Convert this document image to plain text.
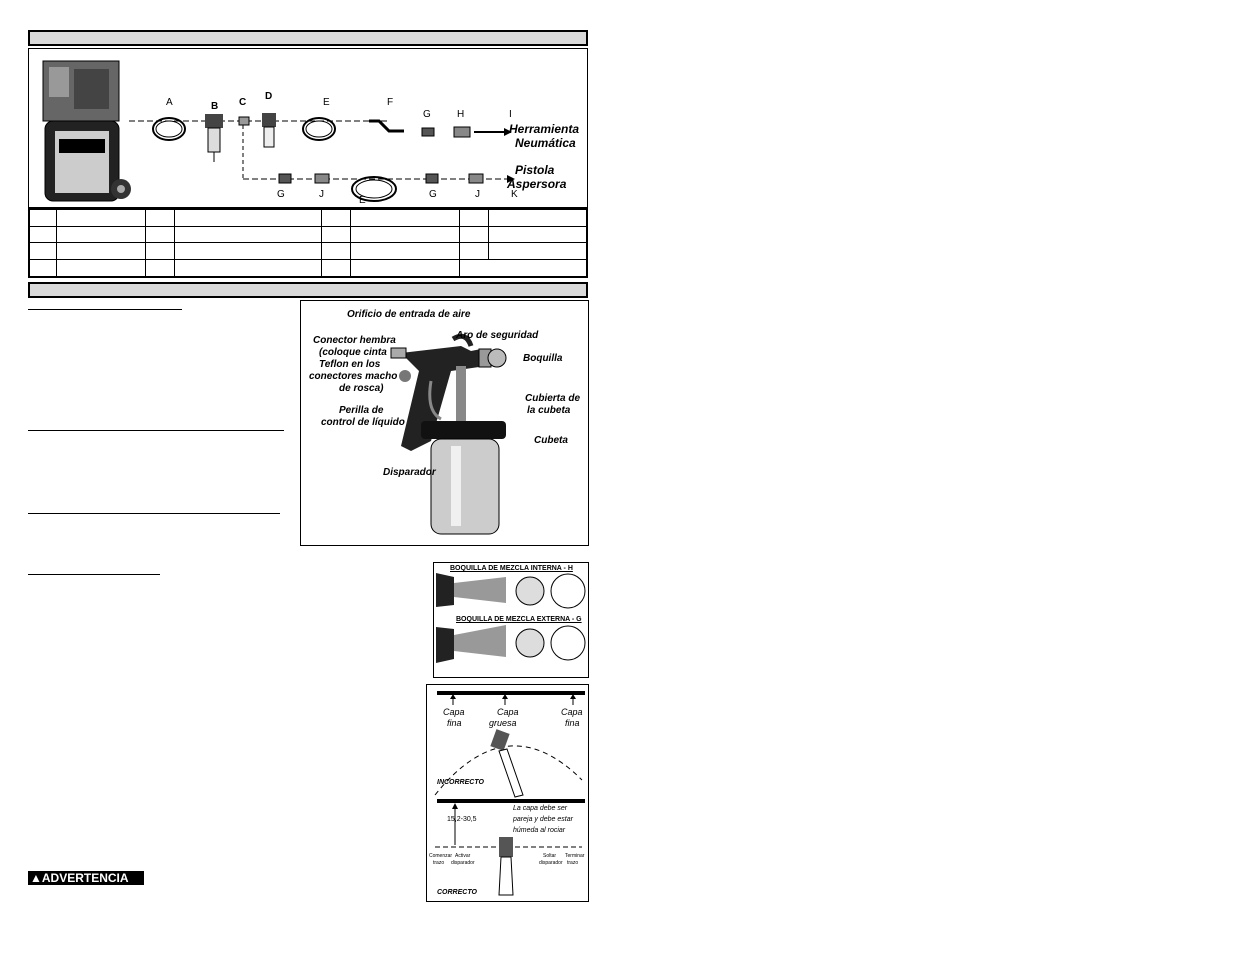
A	B C
D
E	F
G	H	I
Herramienta
Neumática
Pistola
Aspersora
G	J
E
G	J	K

Orificio de entrada de aire
Conector hembra
(coloque cinta
Teflon en los
conectores macho
de rosca)
Aro de seguridad
Boquilla
Perilla de
control de líquido
Cubierta de
la cubeta
Cubeta
Disparador
BOQUILLA DE MEZCLA INTERNA - H
BOQUILLA DE MEZCLA EXTERNA - G
Capa
fina
Capa
gruesa
Capa
fina
INCORRECTO
La capa debe ser
pareja y debe estar
húmeda al rociar
15,2-30,5
Comenzar
trazo
Activar
disparador
Soltar
disparador
Terminar
trazo
CORRECTO
▲ADVERTENCIA
